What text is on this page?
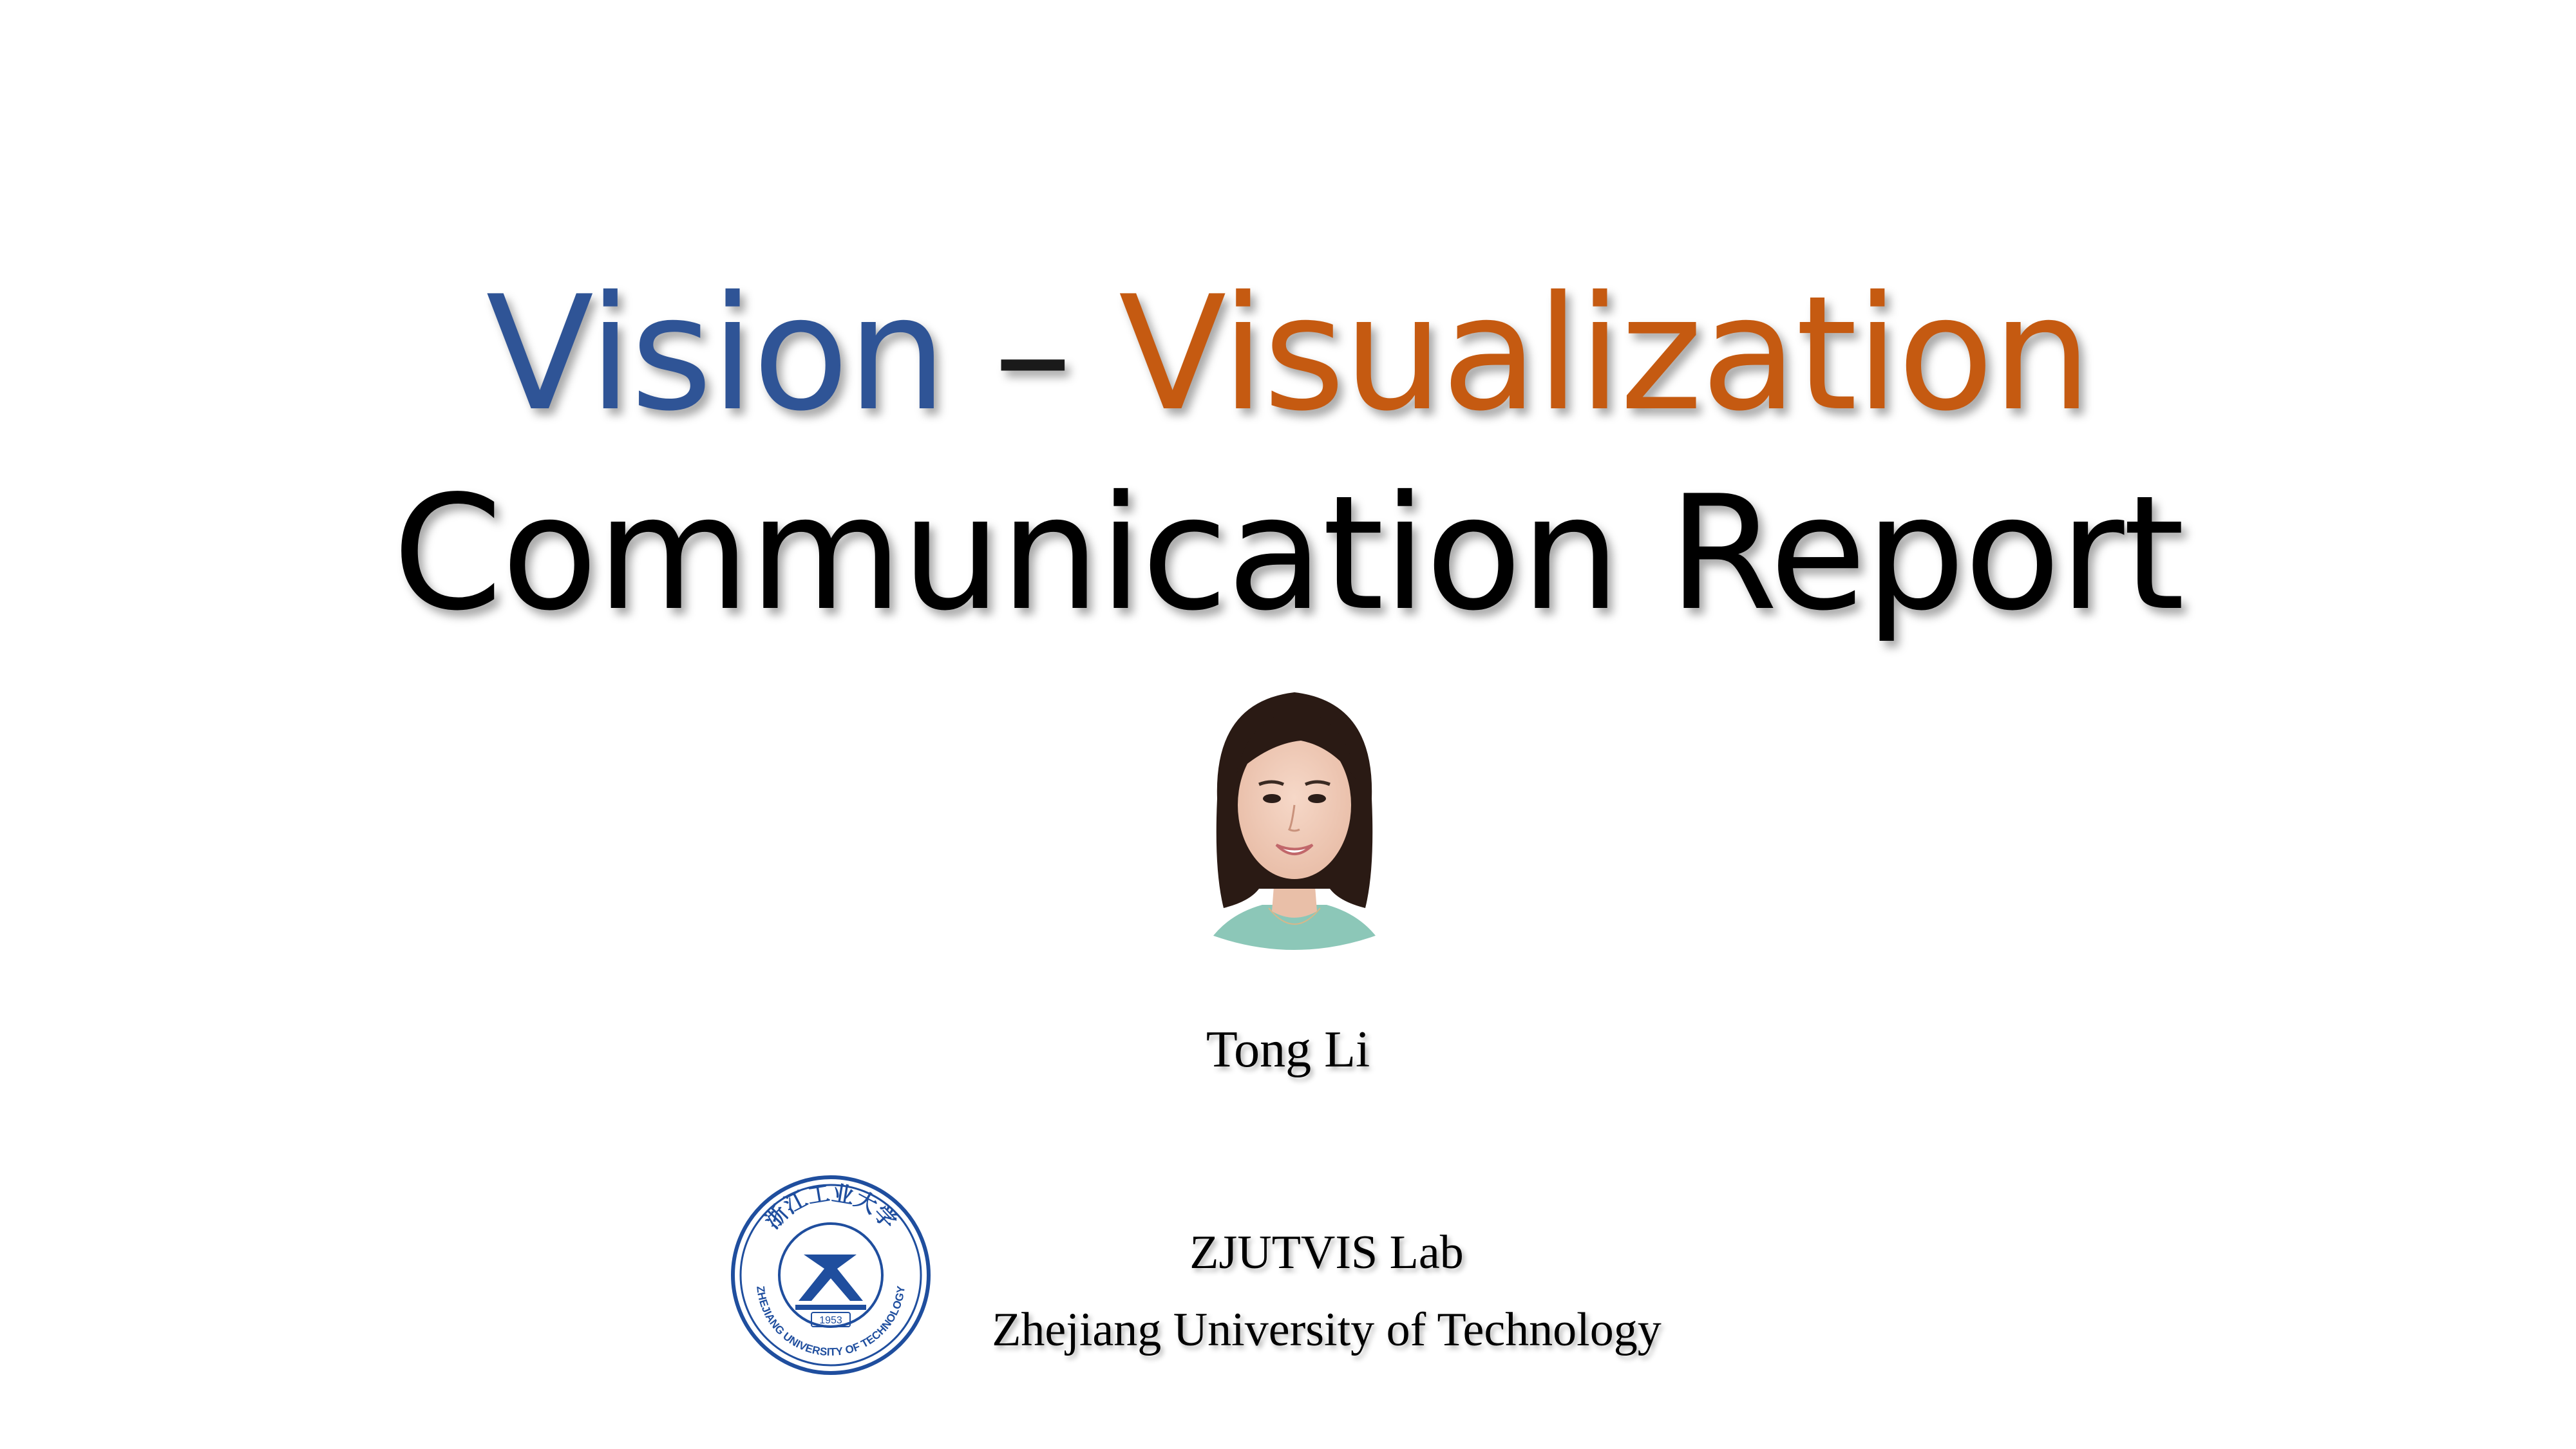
Vision – Visualization
Communication Report
Tong Li
浙江工业大学
ZHEJIANG UNIVERSITY OF TECHNOLOGY
1953
ZJUTVIS Lab
Zhejiang University of Technology
